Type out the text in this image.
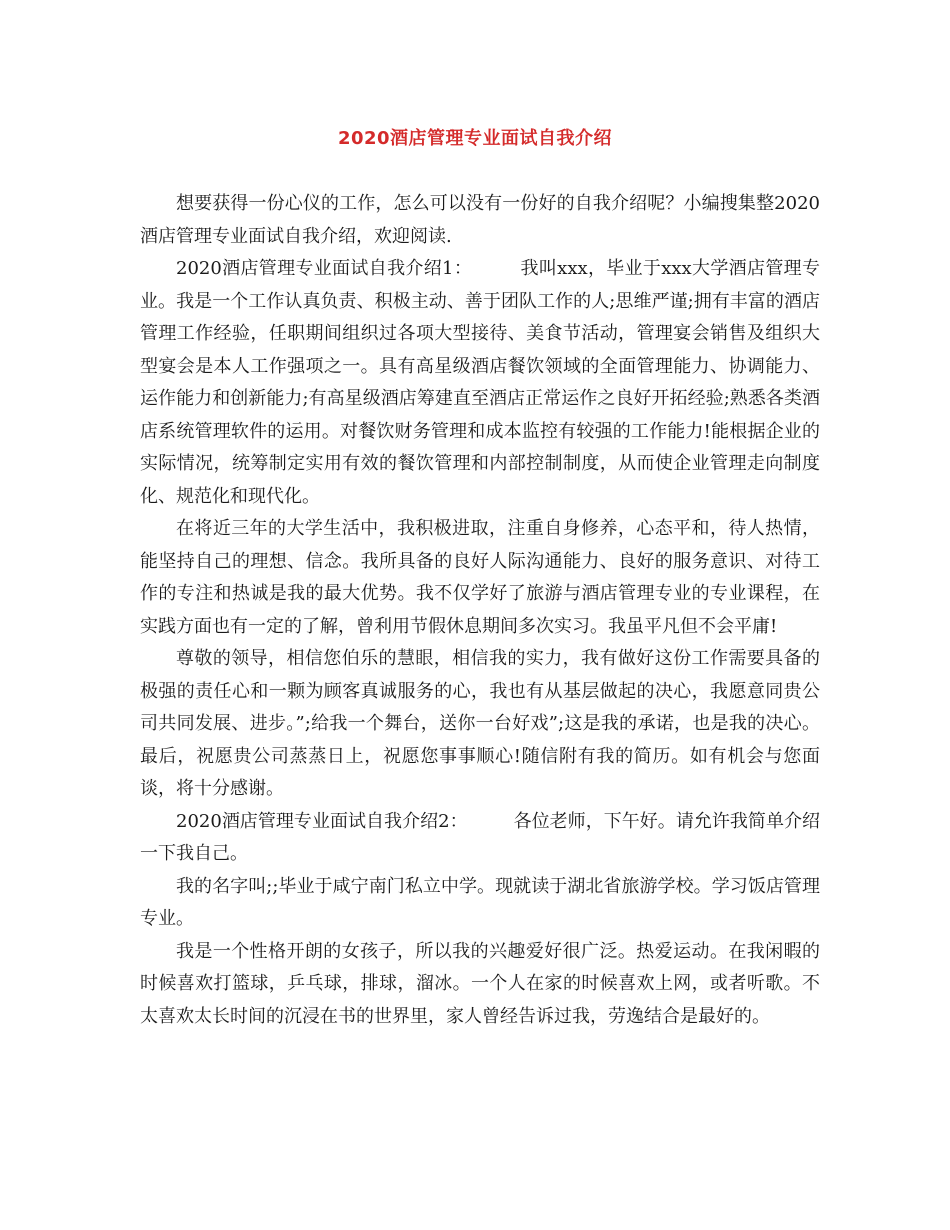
2020酒店管理专业面试自我介绍

想要获得一份心仪的工作，怎么可以没有一份好的自我介绍呢？小编搜集整2020酒店管理专业面试自我介绍，欢迎阅读.

2020酒店管理专业面试自我介绍1：        我叫xxx，毕业于xxx大学酒店管理专业。我是一个工作认真负责、积极主动、善于团队工作的人;思维严谨;拥有丰富的酒店管理工作经验，任职期间组织过各项大型接待、美食节活动，管理宴会销售及组织大型宴会是本人工作强项之一。具有高星级酒店餐饮领域的全面管理能力、协调能力、运作能力和创新能力;有高星级酒店筹建直至酒店正常运作之良好开拓经验;熟悉各类酒店系统管理软件的运用。对餐饮财务管理和成本监控有较强的工作能力!能根据企业的实际情况，统筹制定实用有效的餐饮管理和内部控制制度，从而使企业管理走向制度化、规范化和现代化。

在将近三年的大学生活中，我积极进取，注重自身修养，心态平和，待人热情，能坚持自己的理想、信念。我所具备的良好人际沟通能力、良好的服务意识、对待工作的专注和热诚是我的最大优势。我不仅学好了旅游与酒店管理专业的专业课程，在实践方面也有一定的了解，曾利用节假休息期间多次实习。我虽平凡但不会平庸!

尊敬的领导，相信您伯乐的慧眼，相信我的实力，我有做好这份工作需要具备的极强的责任心和一颗为顾客真诚服务的心，我也有从基层做起的决心，我愿意同贵公司共同发展、进步。”;给我一个舞台，送你一台好戏”;这是我的承诺，也是我的决心。最后，祝愿贵公司蒸蒸日上，祝愿您事事顺心!随信附有我的简历。如有机会与您面谈，将十分感谢。

2020酒店管理专业面试自我介绍2：        各位老师，下午好。请允许我简单介绍一下我自己。

我的名字叫;;毕业于咸宁南门私立中学。现就读于湖北省旅游学校。学习饭店管理专业。

我是一个性格开朗的女孩子，所以我的兴趣爱好很广泛。热爱运动。在我闲暇的时候喜欢打篮球，乒乓球，排球，溜冰。一个人在家的时候喜欢上网，或者听歌。不太喜欢太长时间的沉浸在书的世界里，家人曾经告诉过我，劳逸结合是最好的。
